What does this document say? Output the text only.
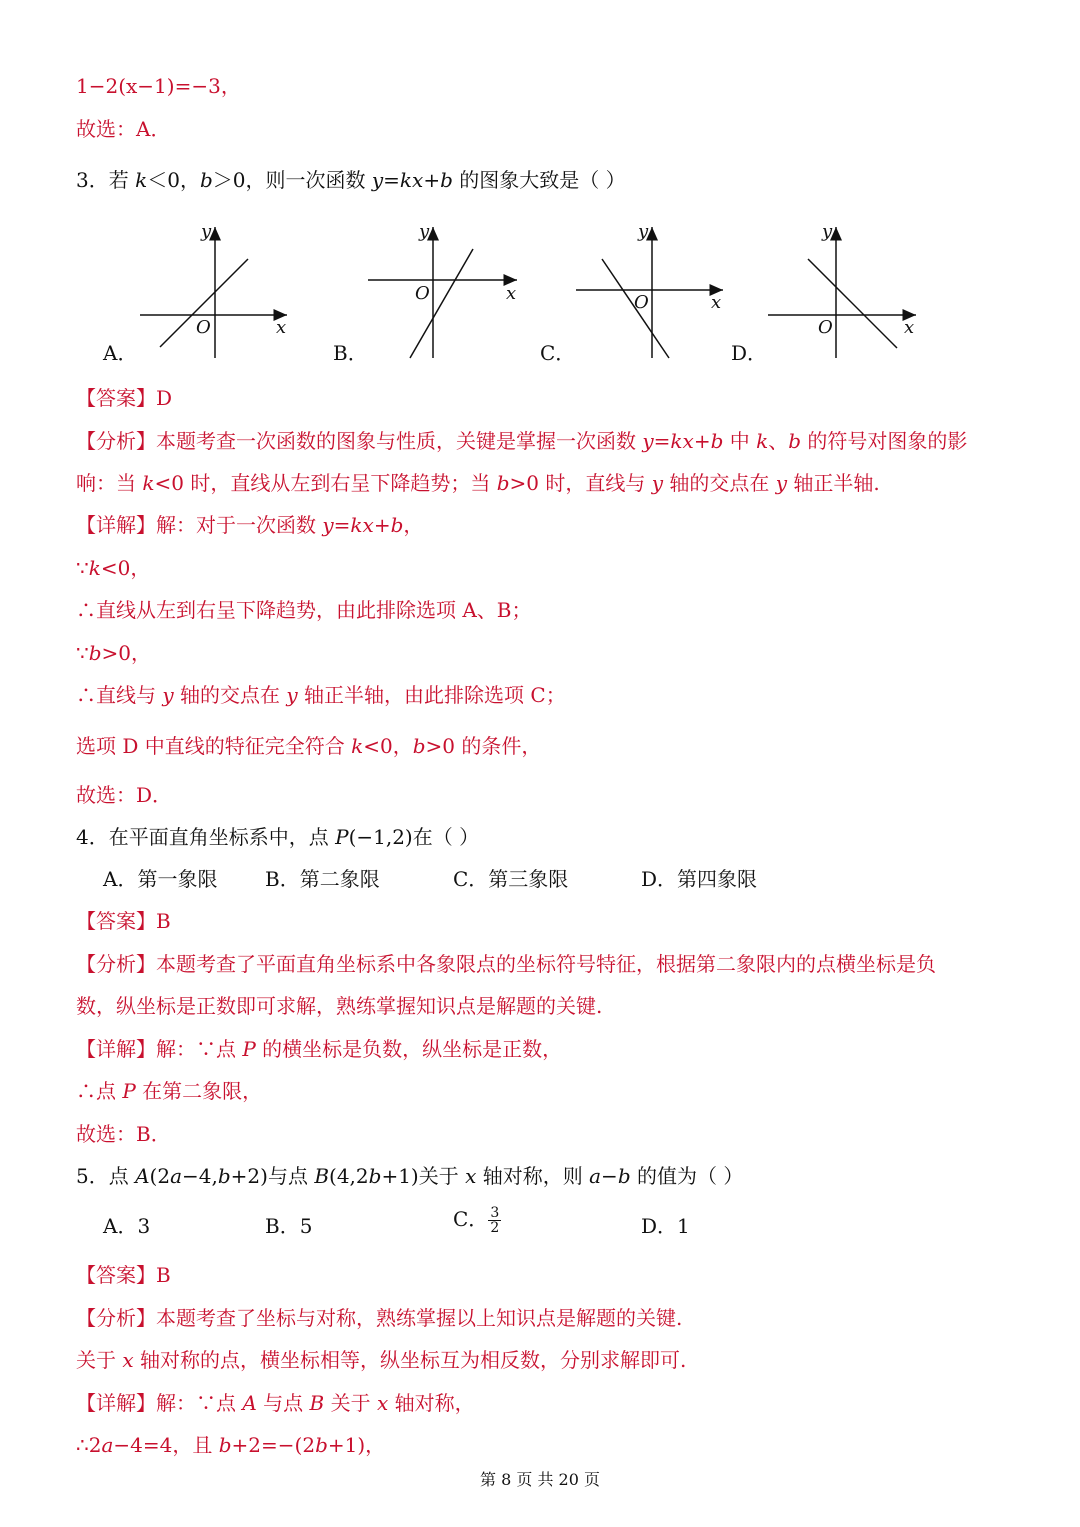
1−2(x−1)=−3，
故选：A．
3．若 k＜0，b＞0，则一次函数 y=kx+b 的图象大致是（ ）
A．
O	x
y
B．
O	x
y
C．
O	x
y
D．
O	x
y
【答案】D
【分析】本题考查一次函数的图象与性质，关键是掌握一次函数 y=kx+b 中 k、b 的符号对图象的影
响：当 k<0 时，直线从左到右呈下降趋势；当 b>0 时，直线与 y 轴的交点在 y 轴正半轴.
【详解】解：对于一次函数 y=kx+b，
∵k<0，
∴直线从左到右呈下降趋势，由此排除选项 A、B；
∵b>0，
∴直线与 y 轴的交点在 y 轴正半轴，由此排除选项 C；
选项 D 中直线的特征完全符合 k<0，b>0 的条件，
故选：D．
4．在平面直角坐标系中，点 P(−1,2)在（ ）
A．第一象限 B．第二象限	C．第三象限	D．第四象限
【答案】B
【分析】本题考查了平面直角坐标系中各象限点的坐标符号特征，根据第二象限内的点横坐标是负
数，纵坐标是正数即可求解，熟练掌握知识点是解题的关键.
【详解】解：∵点 P 的横坐标是负数，纵坐标是正数，
∴点 P 在第二象限，
故选：B．
5．点 A(2a−4,b+2)与点 B(4,2b+1)关于 x 轴对称，则 a−b 的值为（ ）
A．3	B．5	C． $\frac{3}{2}$	D．1
【答案】B
【分析】本题考查了坐标与对称，熟练掌握以上知识点是解题的关键.
关于 x 轴对称的点，横坐标相等，纵坐标互为相反数，分别求解即可.
【详解】解：∵点 A 与点 B 关于 x 轴对称，
∴2a−4=4，且 b+2=−(2b+1)，
第 8 页 共 20 页
